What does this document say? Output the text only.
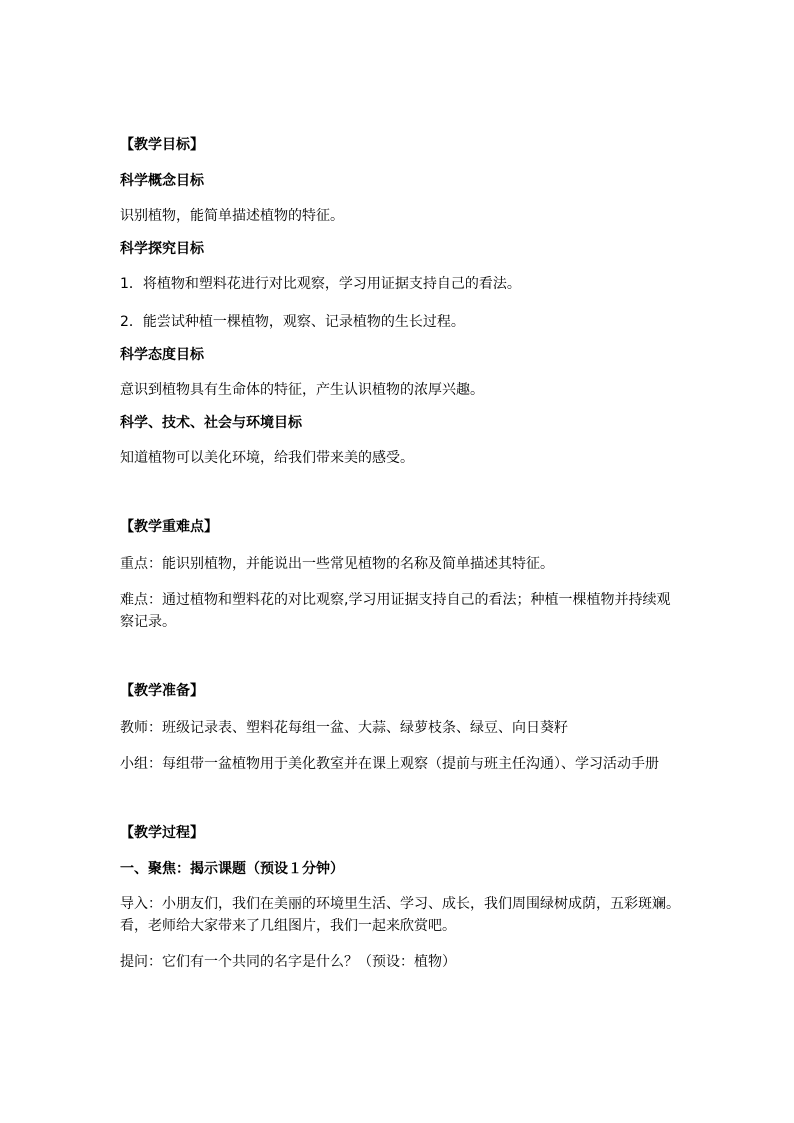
【教学目标】

科学概念目标

识别植物，能简单描述植物的特征。

科学探究目标

1．将植物和塑料花进行对比观察，学习用证据支持自己的看法。

2．能尝试种植一棵植物，观察、记录植物的生长过程。

科学态度目标

意识到植物具有生命体的特征，产生认识植物的浓厚兴趣。

科学、技术、社会与环境目标

知道植物可以美化环境，给我们带来美的感受。

【教学重难点】

重点：能识别植物，并能说出一些常见植物的名称及简单描述其特征。

难点：通过植物和塑料花的对比观察,学习用证据支持自己的看法；种植一棵植物并持续观

察记录。

【教学准备】

教师：班级记录表、塑料花每组一盆、大蒜、绿萝枝条、绿豆、向日葵籽

小组：每组带一盆植物用于美化教室并在课上观察（提前与班主任沟通）、学习活动手册

【教学过程】

一、聚焦：揭示课题（预设１分钟）

导入：小朋友们，我们在美丽的环境里生活、学习、成长，我们周围绿树成荫，五彩斑斓。

看，老师给大家带来了几组图片，我们一起来欣赏吧。

提问：它们有一个共同的名字是什么？（预设：植物）
